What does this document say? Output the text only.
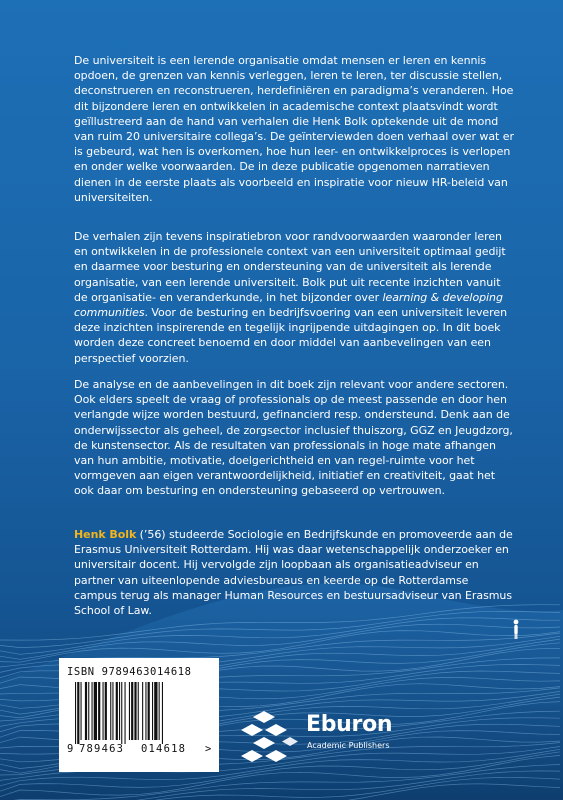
De universiteit is een lerende organisatie omdat mensen er leren en kennis opdoen, de grenzen van kennis verleggen, leren te leren, ter discussie stellen, deconstrueren en reconstrueren, herdefiniëren en paradigma’s veranderen. Hoe dit bijzondere leren en ontwikkelen in academische context plaatsvindt wordt geïllustreerd aan de hand van verhalen die Henk Bolk optekende uit de mond van ruim 20 universitaire collega’s. De geïnterviewden doen verhaal over wat er is gebeurd, wat hen is overkomen, hoe hun leer- en ontwikkelproces is verlopen en onder welke voorwaarden. De in deze publicatie opgenomen narratieven dienen in de eerste plaats als voorbeeld en inspiratie voor nieuw HR-beleid van universiteiten.

De verhalen zijn tevens inspiratiebron voor randvoorwaarden waaronder leren en ontwikkelen in de professionele context van een universiteit optimaal gedijt en daarmee voor besturing en ondersteuning van de universiteit als lerende organisatie, van een lerende universiteit. Bolk put uit recente inzichten vanuit de organisatie- en veranderkunde, in het bijzonder over learning & developing communities. Voor de besturing en bedrijfsvoering van een universiteit leveren deze inzichten inspirerende en tegelijk ingrijpende uitdagingen op. In dit boek worden deze concreet benoemd en door middel van aanbevelingen van een perspectief voorzien.

De analyse en de aanbevelingen in dit boek zijn relevant voor andere sectoren. Ook elders speelt de vraag of professionals op de meest passende en door hen verlangde wijze worden bestuurd, gefinancierd resp. ondersteund. Denk aan de onderwijssector als geheel, de zorgsector inclusief thuiszorg, GGZ en Jeugdzorg, de kunstensector. Als de resultaten van professionals in hoge mate afhangen van hun ambitie, motivatie, doelgerichtheid en van regel-ruimte voor het vormgeven aan eigen verantwoordelijkheid, initiatief en creativiteit, gaat het ook daar om besturing en ondersteuning gebaseerd op vertrouwen.

Henk Bolk (’56) studeerde Sociologie en Bedrijfskunde en promoveerde aan de Erasmus Universiteit Rotterdam. Hij was daar wetenschappelijk onderzoeker en universitair docent. Hij vervolgde zijn loopbaan als organisatieadviseur en partner van uiteenlopende adviesbureaus en keerde op de Rotterdamse campus terug als manager Human Resources en bestuursadviseur van Erasmus School of Law.

ISBN 9789463014618
9 789463 014618 >
Eburon
Academic Publishers
